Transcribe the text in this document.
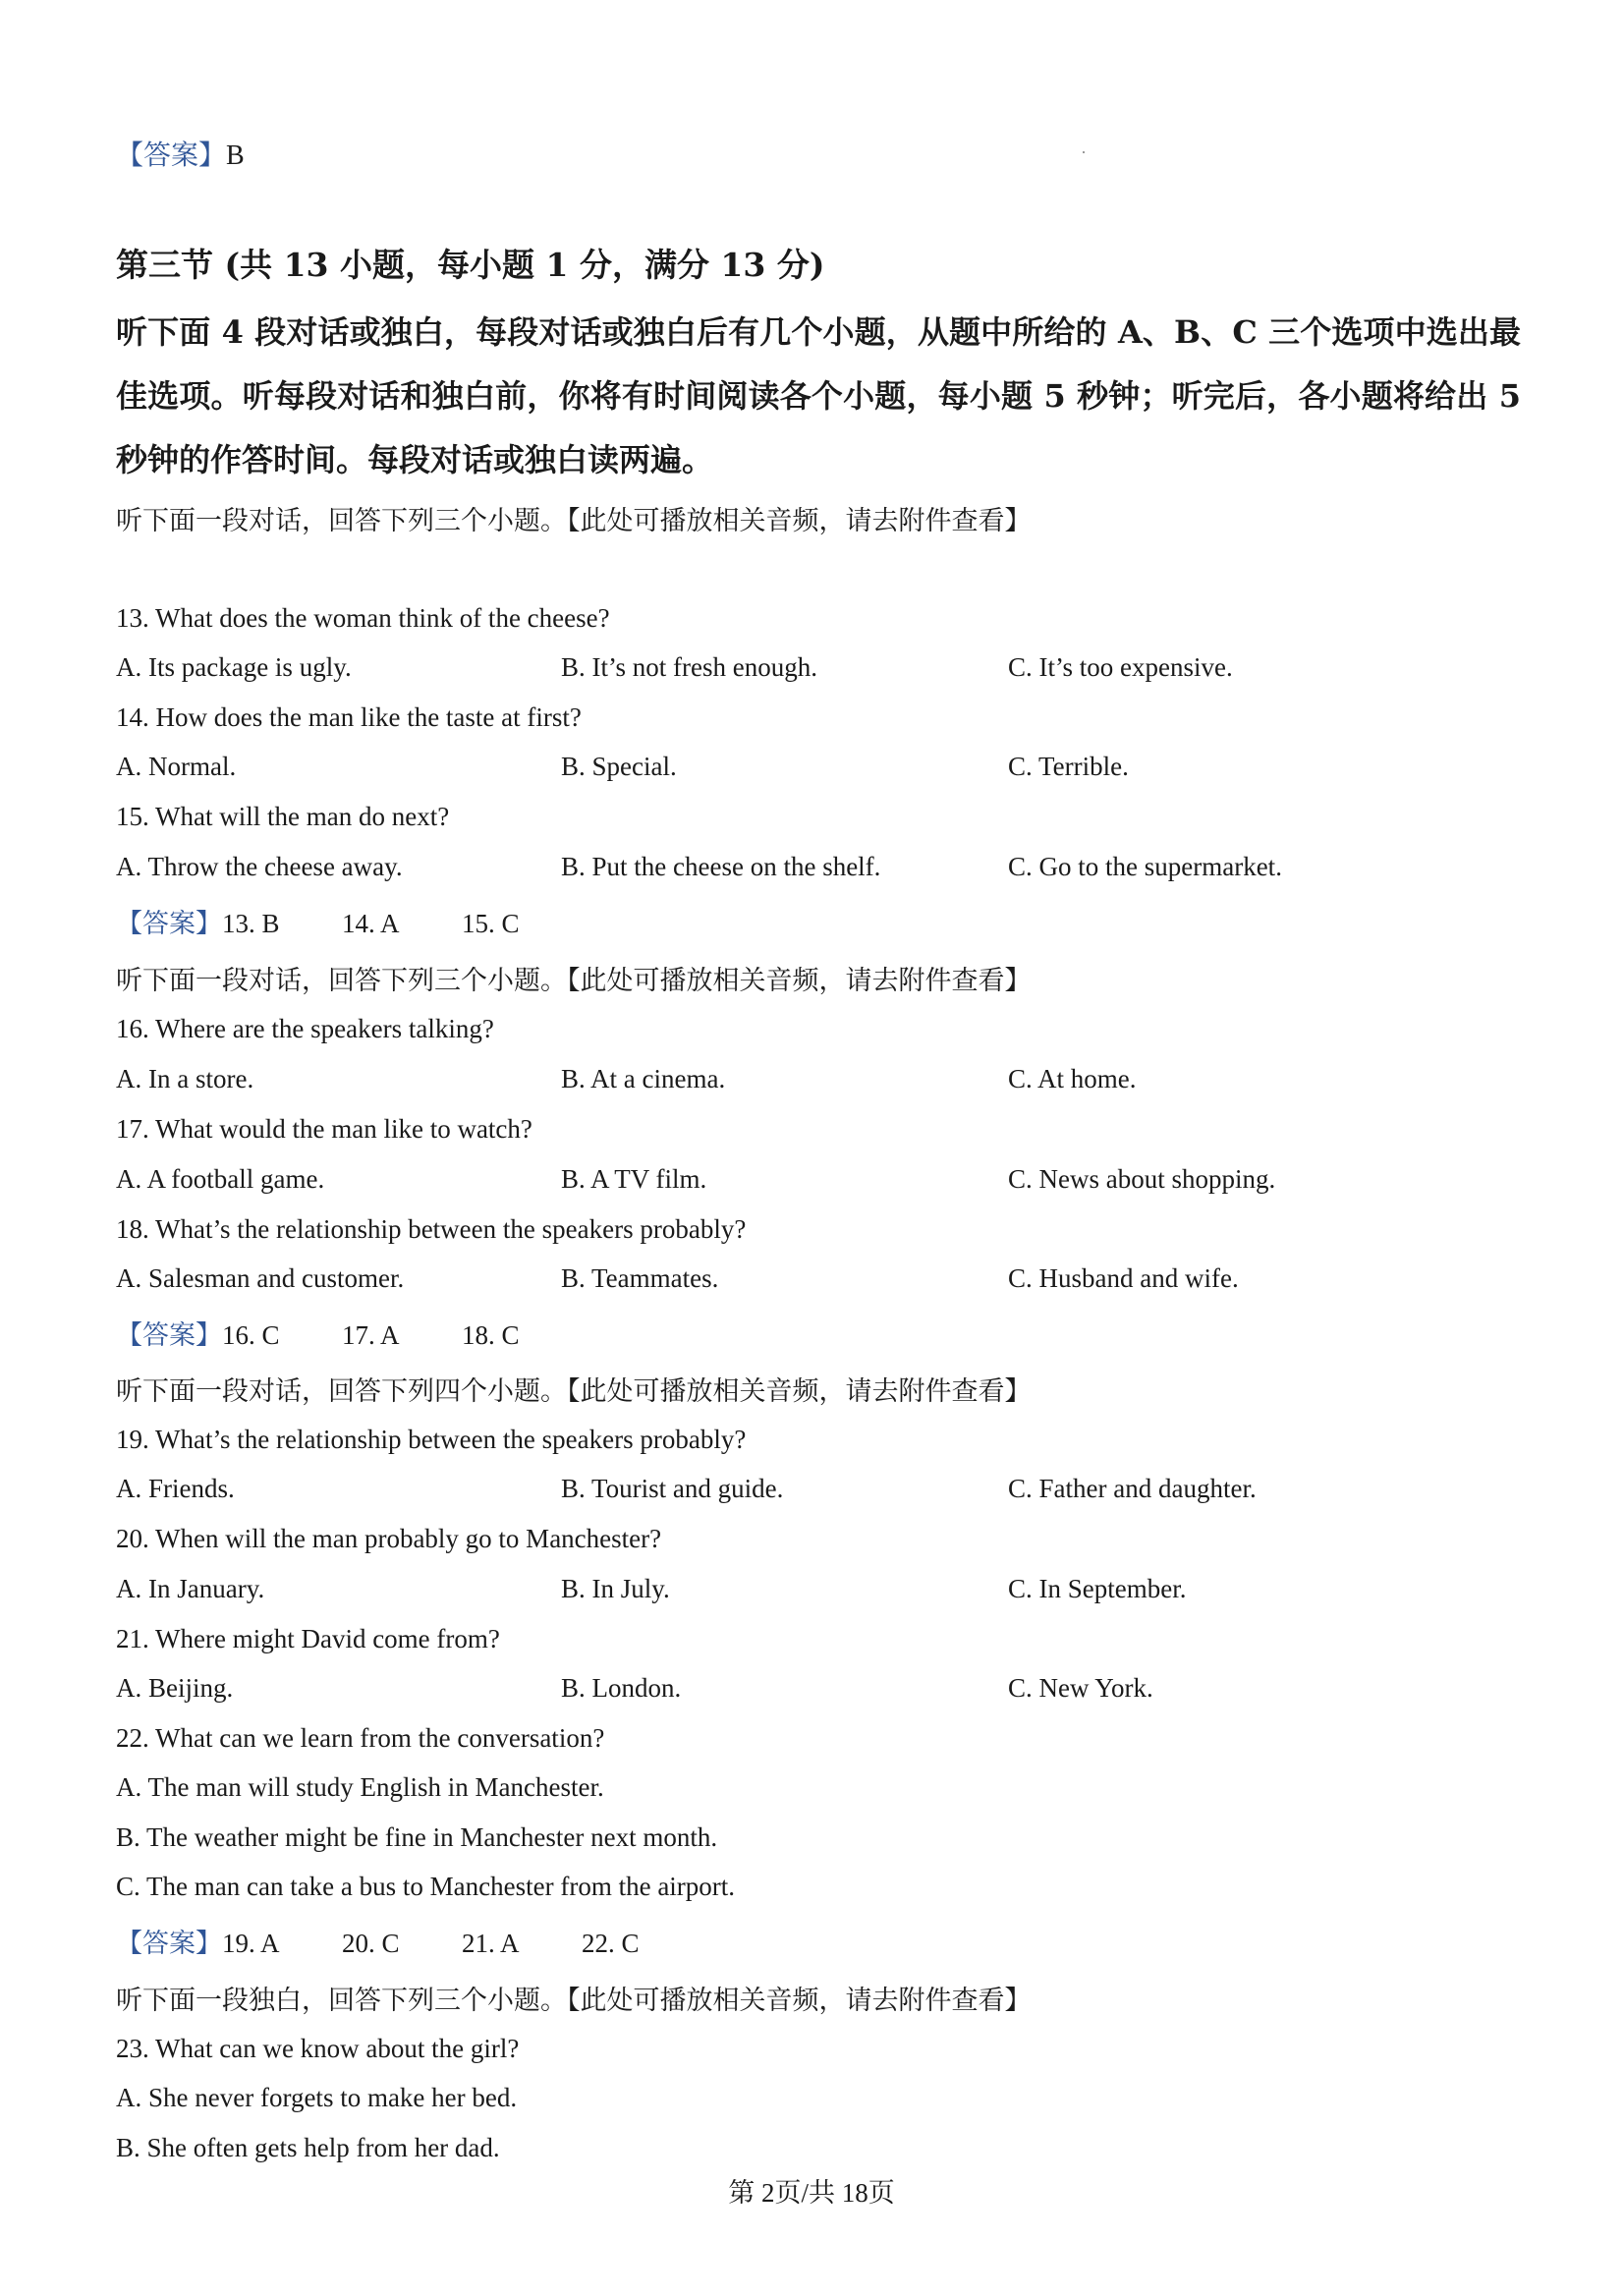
【答案】B
第三节 (共 13 小题，每小题 1 分，满分 13 分)
听下面 4 段对话或独白，每段对话或独白后有几个小题，从题中所给的 A、B、C 三个选项中选出最佳选项。听每段对话和独白前，你将有时间阅读各个小题，每小题 5 秒钟；听完后，各小题将给出 5 秒钟的作答时间。每段对话或独白读两遍。
听下面一段对话，回答下列三个小题。【此处可播放相关音频，请去附件查看】
13. What does the woman think of the cheese?
A. Its package is ugly.	B. It’s not fresh enough.	C. It’s too expensive.
14. How does the man like the taste at first?
A. Normal.	B. Special.	C. Terrible.
15. What will the man do next?
A. Throw the cheese away.	B. Put the cheese on the shelf.	C. Go to the supermarket.
【答案】13. B 14. A 15. C
听下面一段对话，回答下列三个小题。【此处可播放相关音频，请去附件查看】
16. Where are the speakers talking?
A. In a store.	B. At a cinema.	C. At home.
17. What would the man like to watch?
A. A football game.	B. A TV film.	C. News about shopping.
18. What’s the relationship between the speakers probably?
A. Salesman and customer.	B. Teammates.	C. Husband and wife.
【答案】16. C 17. A 18. C
听下面一段对话，回答下列四个小题。【此处可播放相关音频，请去附件查看】
19. What’s the relationship between the speakers probably?
A. Friends.	B. Tourist and guide.	C. Father and daughter.
20. When will the man probably go to Manchester?
A. In January.	B. In July.	C. In September.
21. Where might David come from?
A. Beijing.	B. London.	C. New York.
22. What can we learn from the conversation?
A. The man will study English in Manchester.
B. The weather might be fine in Manchester next month.
C. The man can take a bus to Manchester from the airport.
【答案】19. A 20. C 21. A 22. C
听下面一段独白，回答下列三个小题。【此处可播放相关音频，请去附件查看】
23. What can we know about the girl?
A. She never forgets to make her bed.
B. She often gets help from her dad.
第 2页/共 18页
